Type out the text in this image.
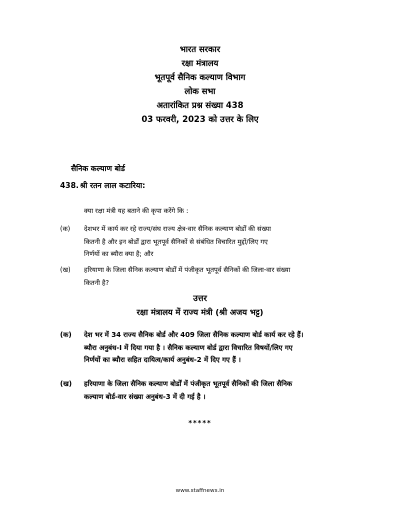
भारत सरकार
रक्षा मंत्रालय
भूतपूर्व सैनिक कल्याण विभाग
लोक सभा
अतारांकित प्रश्न संख्या 438
03 फरवरी, 2023 को उत्तर के लिए
सैनिक कल्याण बोर्ड
438. श्री रतन लाल कटारिया:
क्या रक्षा मंत्री यह बताने की कृपा करेंगे कि :
(क) देशभर में कार्य कर रहे राज्य/संघ राज्य क्षेत्र-वार सैनिक कल्याण बोर्डों की संख्या
कितनी है और इन बोर्डों द्वारा भूतपूर्व सैनिकों से संबंधित विचारित मुद्दों/लिए गए
निर्णयों का ब्यौरा क्या है; और
(ख) हरियाणा के जिला सैनिक कल्याण बोर्डों में पंजीकृत भूतपूर्व सैनिकों की जिला-वार संख्या
कितनी है?
उत्तर
रक्षा मंत्रालय में राज्य मंत्री (श्री अजय भट्ट)
(क) देश भर में 34 राज्य सैनिक बोर्ड और 409 जिला सैनिक कल्याण बोर्ड कार्य कर रहे हैं।
ब्यौरा अनुबंध-I में दिया गया है । सैनिक कल्याण बोर्ड द्वारा विचारित विषयों/लिए गए
निर्णयों का ब्यौरा सहित दायित्व/कार्य अनुबंध-2 में दिए गए हैं ।
(ख) हरियाणा के जिला सैनिक कल्याण बोर्डों में पंजीकृत भूतपूर्व सैनिकों की जिला सैनिक
कल्याण बोर्ड-वार संख्या अनुबंध-3 में दी गई है ।
*****
www.staffnews.in
